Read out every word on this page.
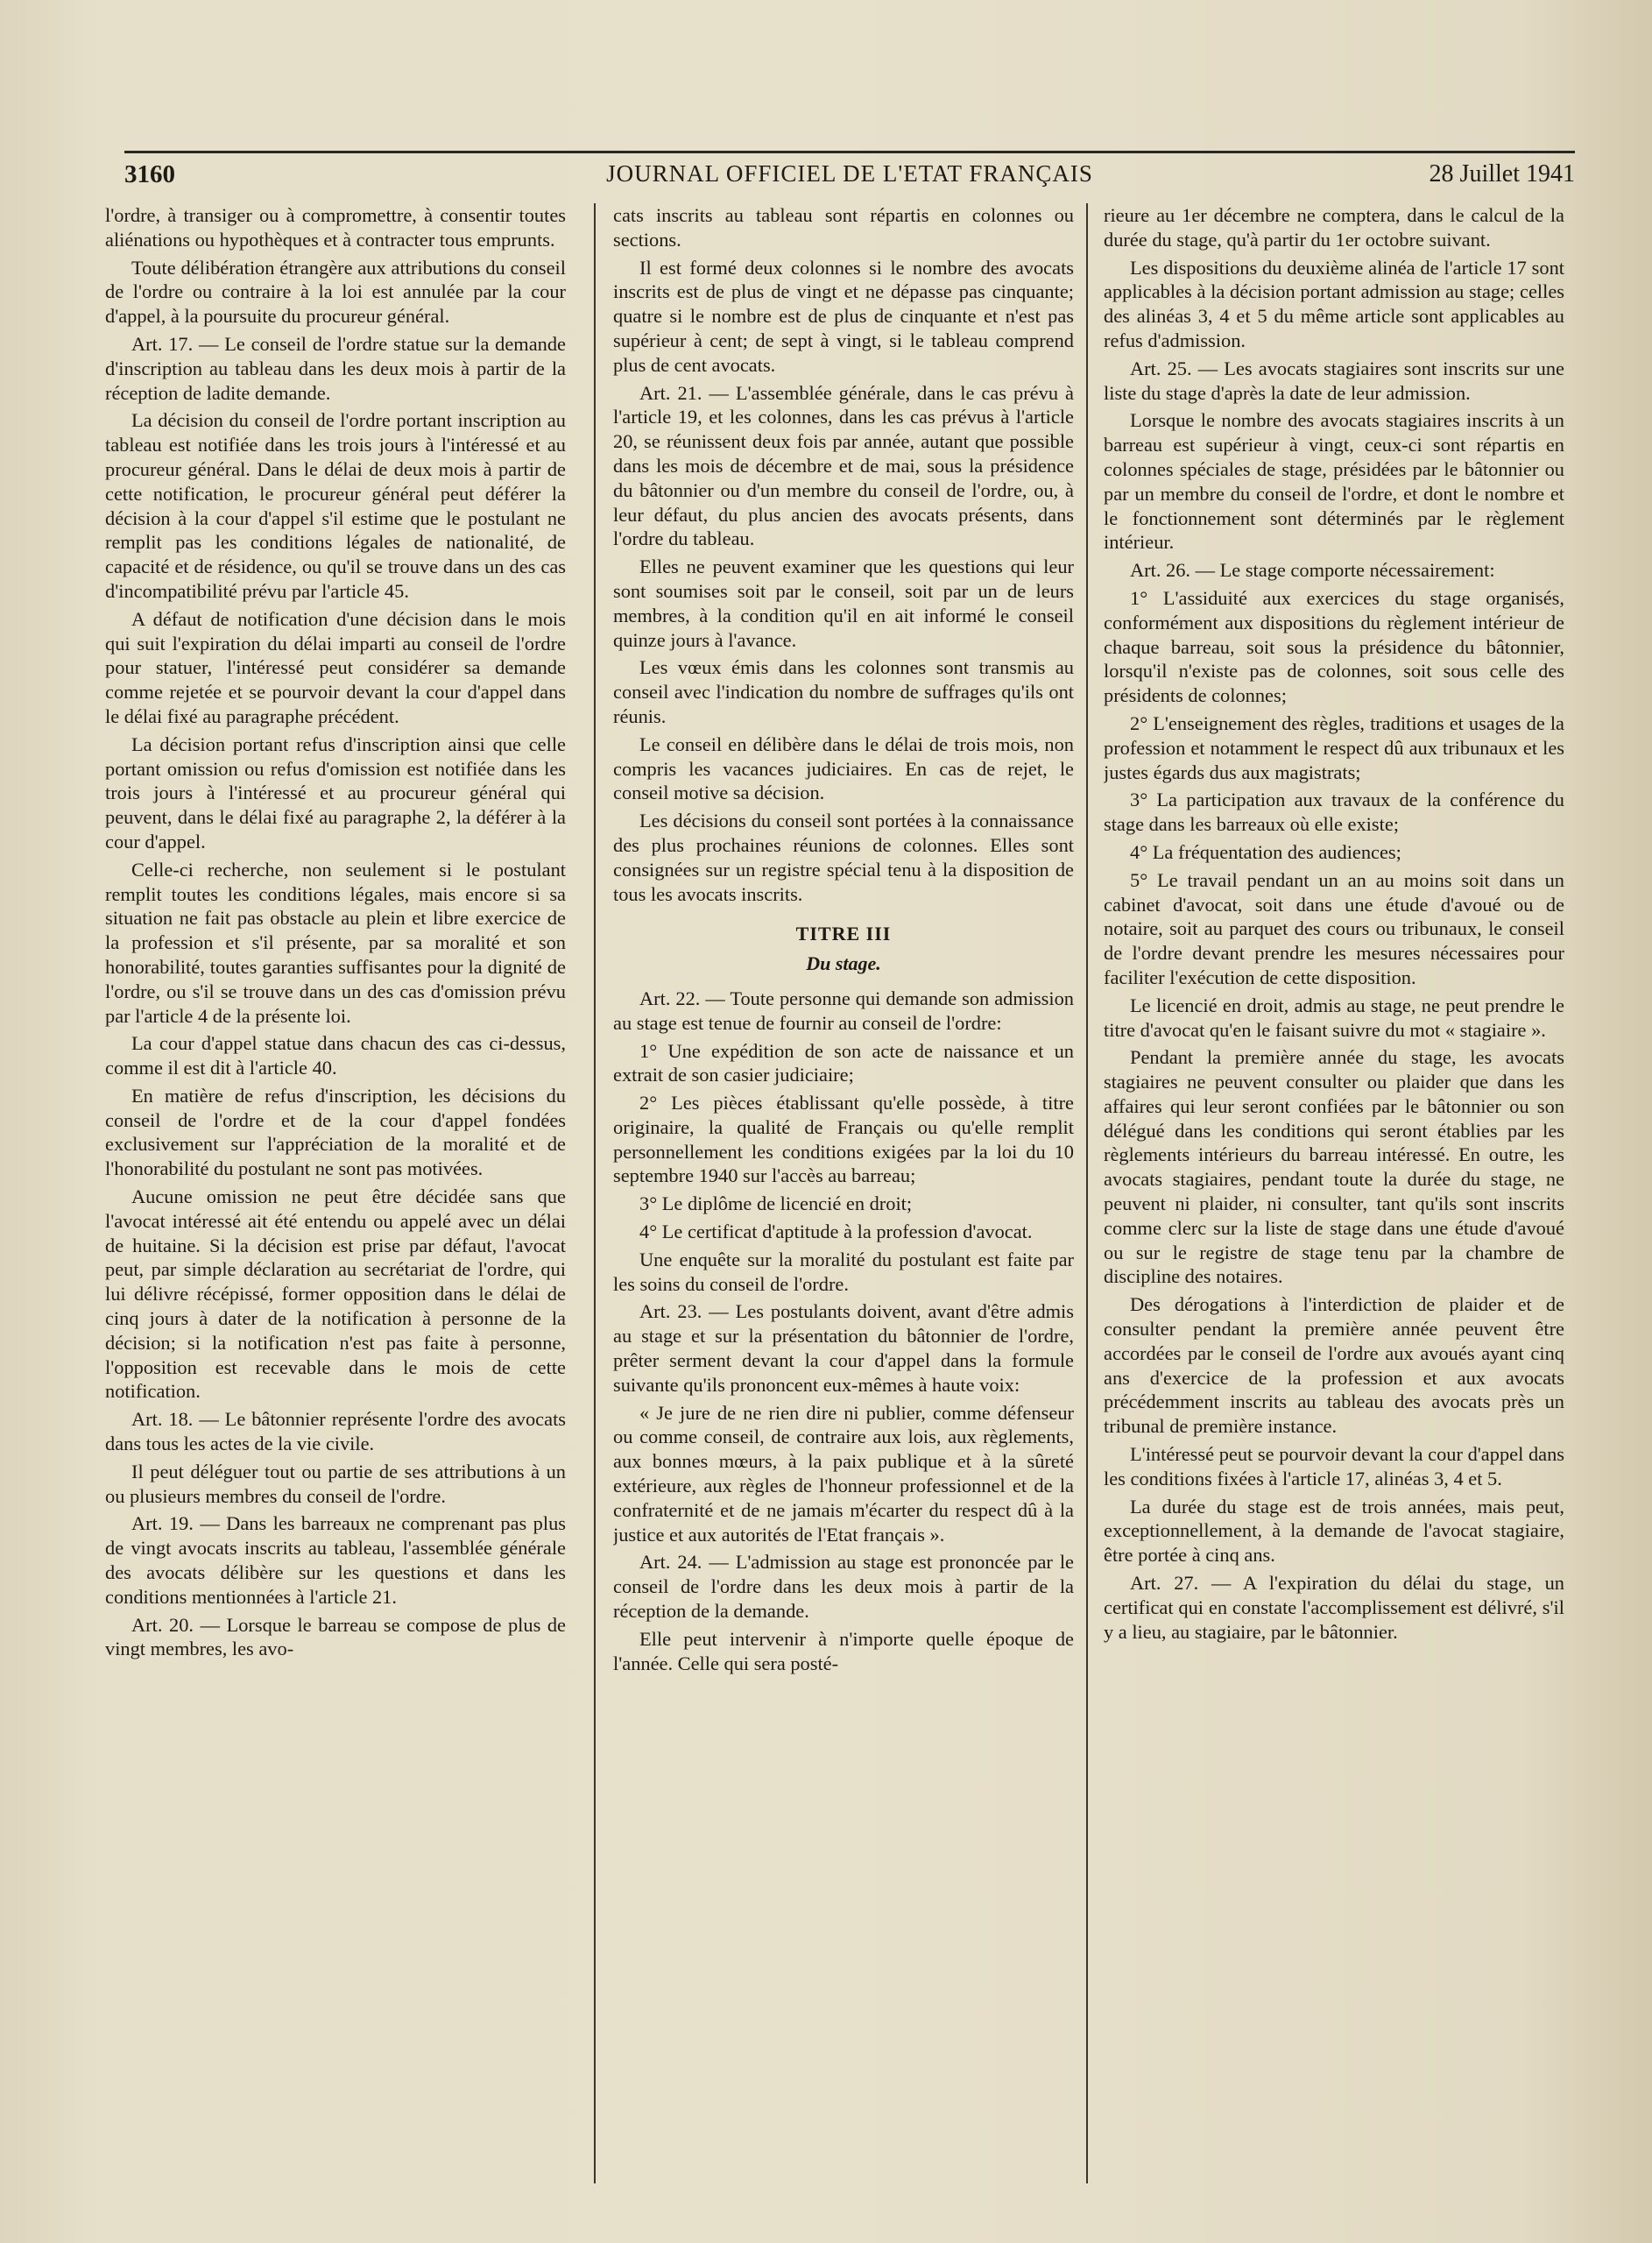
3160	JOURNAL OFFICIEL DE L'ETAT FRANÇAIS	28 Juillet 1941

l'ordre, à transiger ou à compromettre, à consentir toutes aliénations ou hypothèques et à contracter tous emprunts.

Toute délibération étrangère aux attributions du conseil de l'ordre ou contraire à la loi est annulée par la cour d'appel, à la poursuite du procureur général.

Art. 17. — Le conseil de l'ordre statue sur la demande d'inscription au tableau dans les deux mois à partir de la réception de ladite demande.

La décision du conseil de l'ordre portant inscription au tableau est notifiée dans les trois jours à l'intéressé et au procureur général. Dans le délai de deux mois à partir de cette notification, le procureur général peut déférer la décision à la cour d'appel s'il estime que le postulant ne remplit pas les conditions légales de nationalité, de capacité et de résidence, ou qu'il se trouve dans un des cas d'incompatibilité prévu par l'article 45.

A défaut de notification d'une décision dans le mois qui suit l'expiration du délai imparti au conseil de l'ordre pour statuer, l'intéressé peut considérer sa demande comme rejetée et se pourvoir devant la cour d'appel dans le délai fixé au paragraphe précédent.

La décision portant refus d'inscription ainsi que celle portant omission ou refus d'omission est notifiée dans les trois jours à l'intéressé et au procureur général qui peuvent, dans le délai fixé au paragraphe 2, la déférer à la cour d'appel.

Celle-ci recherche, non seulement si le postulant remplit toutes les conditions légales, mais encore si sa situation ne fait pas obstacle au plein et libre exercice de la profession et s'il présente, par sa moralité et son honorabilité, toutes garanties suffisantes pour la dignité de l'ordre, ou s'il se trouve dans un des cas d'omission prévu par l'article 4 de la présente loi.

La cour d'appel statue dans chacun des cas ci-dessus, comme il est dit à l'article 40.

En matière de refus d'inscription, les décisions du conseil de l'ordre et de la cour d'appel fondées exclusivement sur l'appréciation de la moralité et de l'honorabilité du postulant ne sont pas motivées.

Aucune omission ne peut être décidée sans que l'avocat intéressé ait été entendu ou appelé avec un délai de huitaine. Si la décision est prise par défaut, l'avocat peut, par simple déclaration au secrétariat de l'ordre, qui lui délivre récépissé, former opposition dans le délai de cinq jours à dater de la notification à personne de la décision; si la notification n'est pas faite à personne, l'opposition est recevable dans le mois de cette notification.

Art. 18. — Le bâtonnier représente l'ordre des avocats dans tous les actes de la vie civile.

Il peut déléguer tout ou partie de ses attributions à un ou plusieurs membres du conseil de l'ordre.

Art. 19. — Dans les barreaux ne comprenant pas plus de vingt avocats inscrits au tableau, l'assemblée générale des avocats délibère sur les questions et dans les conditions mentionnées à l'article 21.

Art. 20. — Lorsque le barreau se compose de plus de vingt membres, les avo-

cats inscrits au tableau sont répartis en colonnes ou sections.

Il est formé deux colonnes si le nombre des avocats inscrits est de plus de vingt et ne dépasse pas cinquante; quatre si le nombre est de plus de cinquante et n'est pas supérieur à cent; de sept à vingt, si le tableau comprend plus de cent avocats.

Art. 21. — L'assemblée générale, dans le cas prévu à l'article 19, et les colonnes, dans les cas prévus à l'article 20, se réunissent deux fois par année, autant que possible dans les mois de décembre et de mai, sous la présidence du bâtonnier ou d'un membre du conseil de l'ordre, ou, à leur défaut, du plus ancien des avocats présents, dans l'ordre du tableau.

Elles ne peuvent examiner que les questions qui leur sont soumises soit par le conseil, soit par un de leurs membres, à la condition qu'il en ait informé le conseil quinze jours à l'avance.

Les vœux émis dans les colonnes sont transmis au conseil avec l'indication du nombre de suffrages qu'ils ont réunis.

Le conseil en délibère dans le délai de trois mois, non compris les vacances judiciaires. En cas de rejet, le conseil motive sa décision.

Les décisions du conseil sont portées à la connaissance des plus prochaines réunions de colonnes. Elles sont consignées sur un registre spécial tenu à la disposition de tous les avocats inscrits.

TITRE III
Du stage.

Art. 22. — Toute personne qui demande son admission au stage est tenue de fournir au conseil de l'ordre:

1° Une expédition de son acte de naissance et un extrait de son casier judiciaire;

2° Les pièces établissant qu'elle possède, à titre originaire, la qualité de Français ou qu'elle remplit personnellement les conditions exigées par la loi du 10 septembre 1940 sur l'accès au barreau;

3° Le diplôme de licencié en droit;

4° Le certificat d'aptitude à la profession d'avocat.

Une enquête sur la moralité du postulant est faite par les soins du conseil de l'ordre.

Art. 23. — Les postulants doivent, avant d'être admis au stage et sur la présentation du bâtonnier de l'ordre, prêter serment devant la cour d'appel dans la formule suivante qu'ils prononcent eux-mêmes à haute voix:

« Je jure de ne rien dire ni publier, comme défenseur ou comme conseil, de contraire aux lois, aux règlements, aux bonnes mœurs, à la paix publique et à la sûreté extérieure, aux règles de l'honneur professionnel et de la confraternité et de ne jamais m'écarter du respect dû à la justice et aux autorités de l'Etat français ».

Art. 24. — L'admission au stage est prononcée par le conseil de l'ordre dans les deux mois à partir de la réception de la demande.

Elle peut intervenir à n'importe quelle époque de l'année. Celle qui sera posté-

rieure au 1er décembre ne comptera, dans le calcul de la durée du stage, qu'à partir du 1er octobre suivant.

Les dispositions du deuxième alinéa de l'article 17 sont applicables à la décision portant admission au stage; celles des alinéas 3, 4 et 5 du même article sont applicables au refus d'admission.

Art. 25. — Les avocats stagiaires sont inscrits sur une liste du stage d'après la date de leur admission.

Lorsque le nombre des avocats stagiaires inscrits à un barreau est supérieur à vingt, ceux-ci sont répartis en colonnes spéciales de stage, présidées par le bâtonnier ou par un membre du conseil de l'ordre, et dont le nombre et le fonctionnement sont déterminés par le règlement intérieur.

Art. 26. — Le stage comporte nécessairement:

1° L'assiduité aux exercices du stage organisés, conformément aux dispositions du règlement intérieur de chaque barreau, soit sous la présidence du bâtonnier, lorsqu'il n'existe pas de colonnes, soit sous celle des présidents de colonnes;

2° L'enseignement des règles, traditions et usages de la profession et notamment le respect dû aux tribunaux et les justes égards dus aux magistrats;

3° La participation aux travaux de la conférence du stage dans les barreaux où elle existe;

4° La fréquentation des audiences;

5° Le travail pendant un an au moins soit dans un cabinet d'avocat, soit dans une étude d'avoué ou de notaire, soit au parquet des cours ou tribunaux, le conseil de l'ordre devant prendre les mesures nécessaires pour faciliter l'exécution de cette disposition.

Le licencié en droit, admis au stage, ne peut prendre le titre d'avocat qu'en le faisant suivre du mot « stagiaire ».

Pendant la première année du stage, les avocats stagiaires ne peuvent consulter ou plaider que dans les affaires qui leur seront confiées par le bâtonnier ou son délégué dans les conditions qui seront établies par les règlements intérieurs du barreau intéressé. En outre, les avocats stagiaires, pendant toute la durée du stage, ne peuvent ni plaider, ni consulter, tant qu'ils sont inscrits comme clerc sur la liste de stage dans une étude d'avoué ou sur le registre de stage tenu par la chambre de discipline des notaires.

Des dérogations à l'interdiction de plaider et de consulter pendant la première année peuvent être accordées par le conseil de l'ordre aux avoués ayant cinq ans d'exercice de la profession et aux avocats précédemment inscrits au tableau des avocats près un tribunal de première instance.

L'intéressé peut se pourvoir devant la cour d'appel dans les conditions fixées à l'article 17, alinéas 3, 4 et 5.

La durée du stage est de trois années, mais peut, exceptionnellement, à la demande de l'avocat stagiaire, être portée à cinq ans.

Art. 27. — A l'expiration du délai du stage, un certificat qui en constate l'accomplissement est délivré, s'il y a lieu, au stagiaire, par le bâtonnier.
